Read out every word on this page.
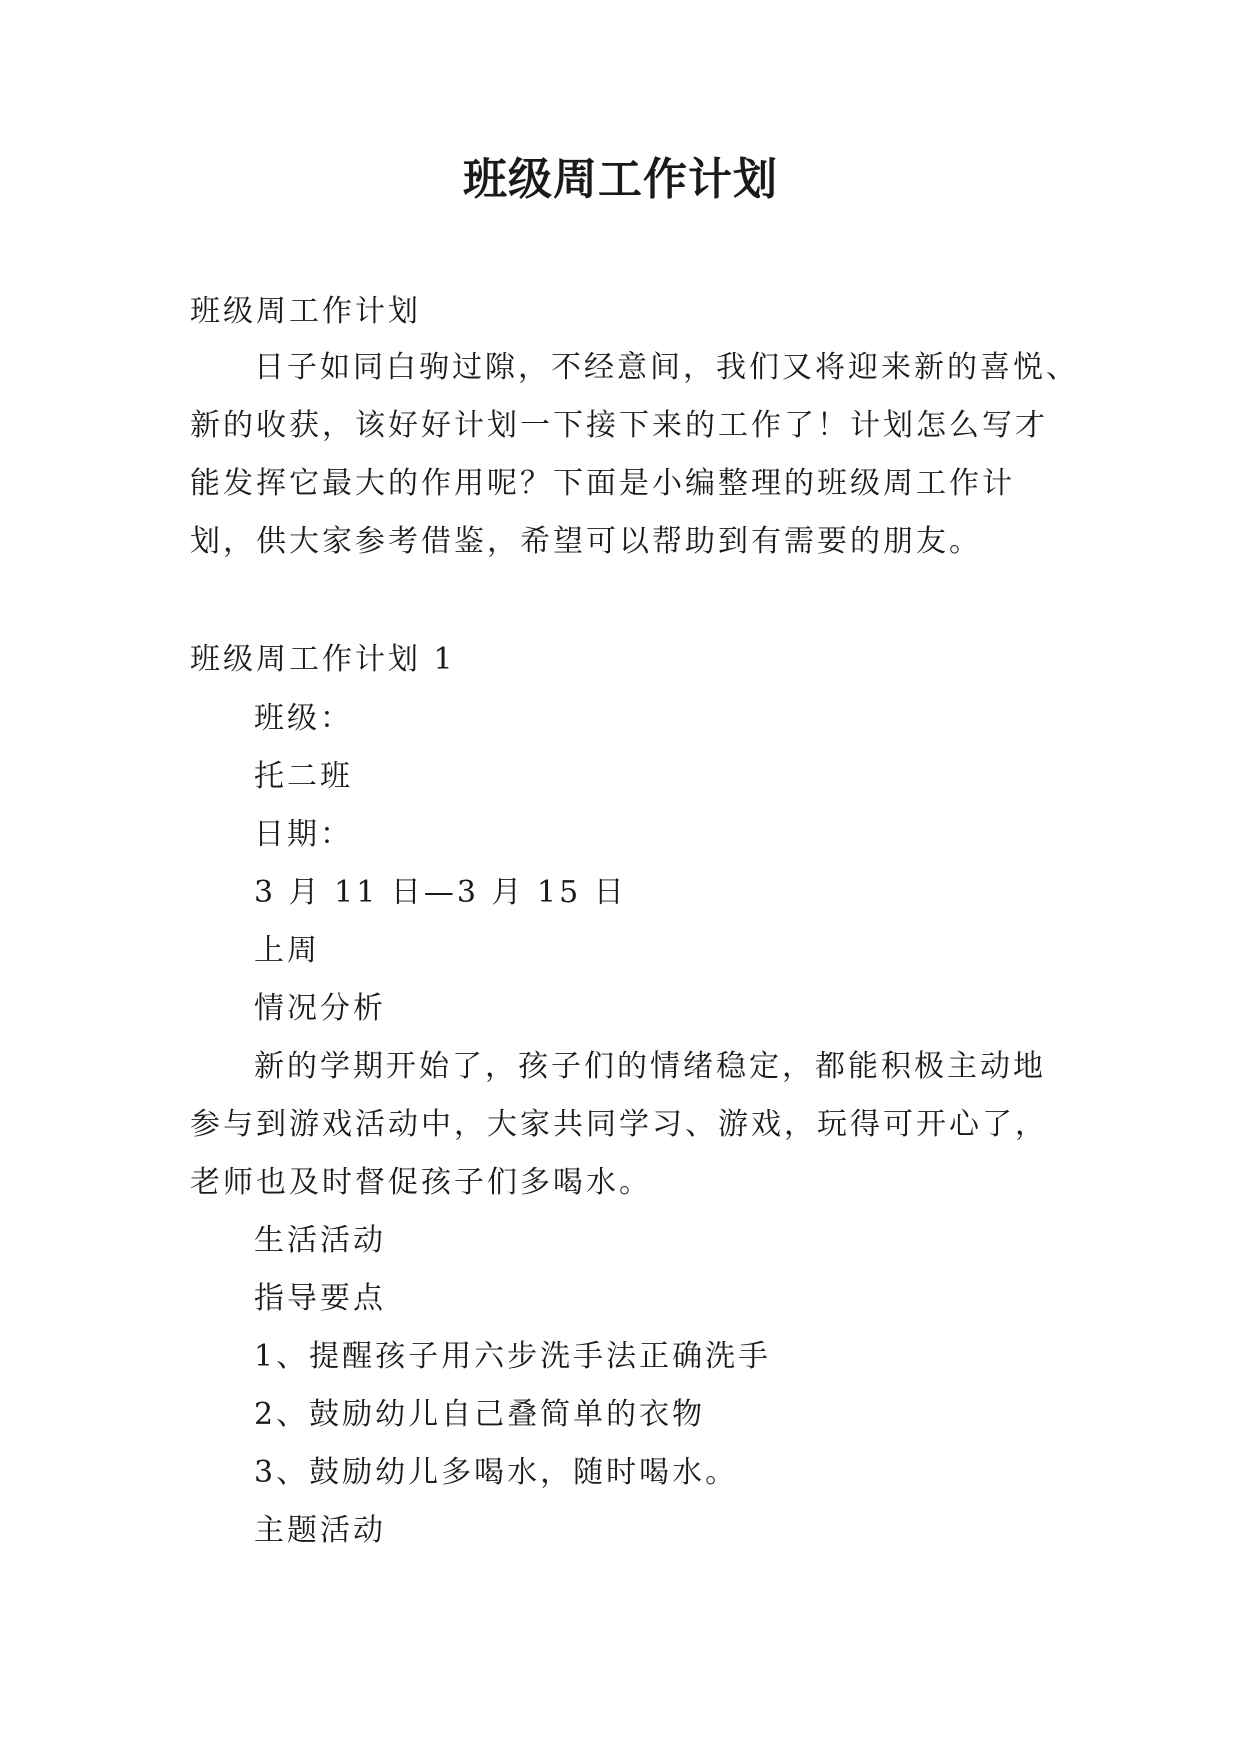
班级周工作计划

班级周工作计划

日子如同白驹过隙，不经意间，我们又将迎来新的喜悦、

新的收获，该好好计划一下接下来的工作了！计划怎么写才

能发挥它最大的作用呢？下面是小编整理的班级周工作计

划，供大家参考借鉴，希望可以帮助到有需要的朋友。

班级周工作计划 1

班级：

托二班

日期：

3 月 11 日—3 月 15 日

上周

情况分析

新的学期开始了，孩子们的情绪稳定，都能积极主动地

参与到游戏活动中，大家共同学习、游戏，玩得可开心了，

老师也及时督促孩子们多喝水。

生活活动

指导要点

1、提醒孩子用六步洗手法正确洗手

2、鼓励幼儿自己叠简单的衣物

3、鼓励幼儿多喝水，随时喝水。

主题活动
